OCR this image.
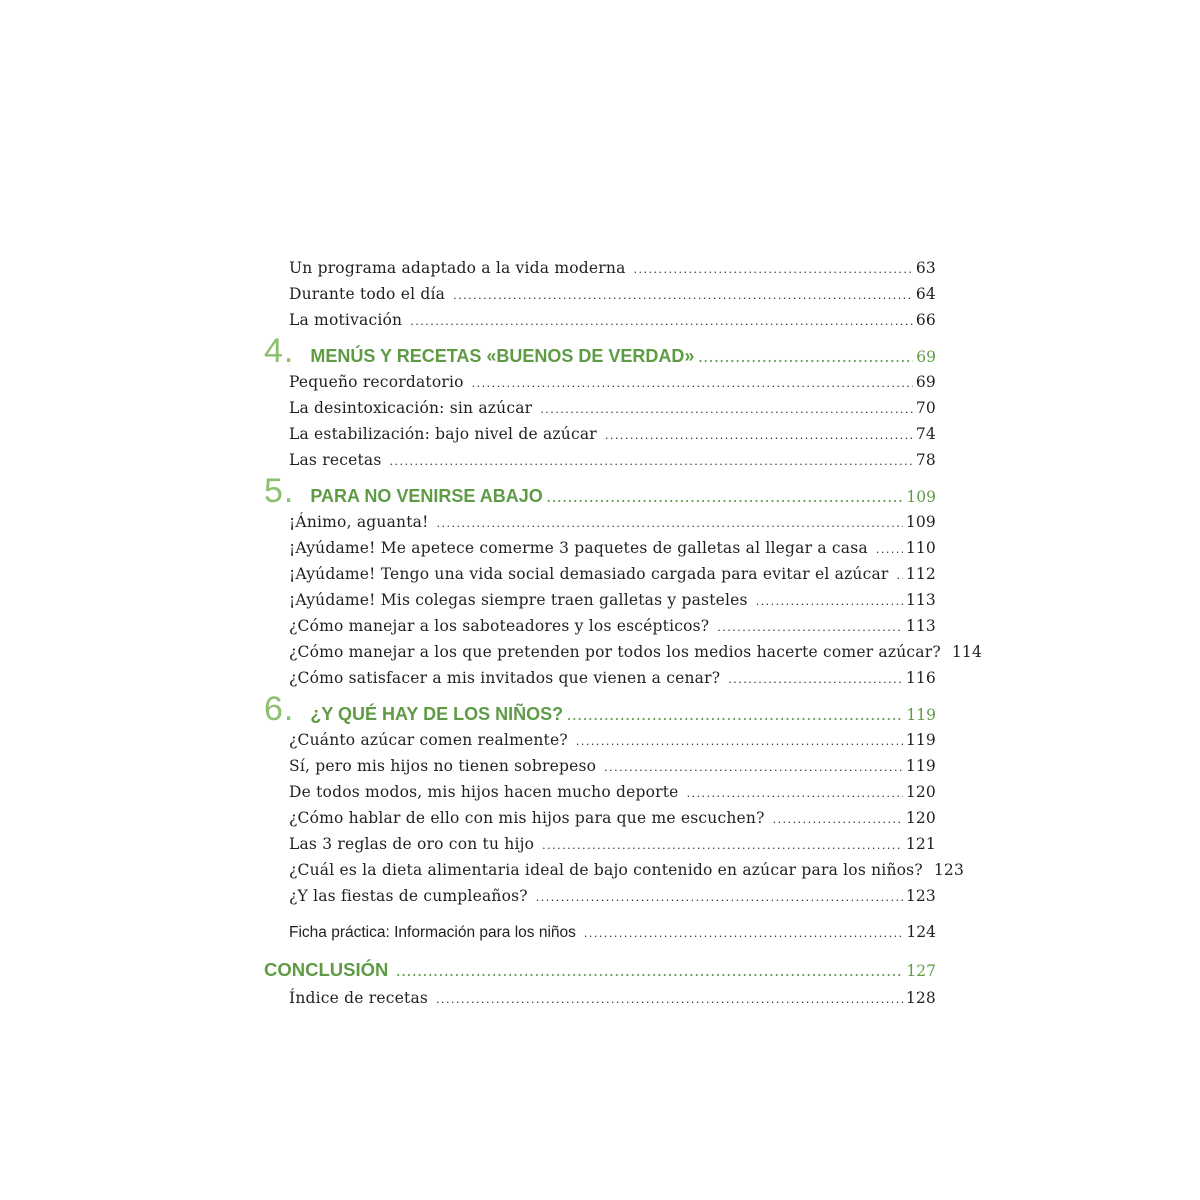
Un programa adaptado a la vida moderna .....	63
Durante todo el día .....	64
La motivación .....	66
4. MENÚS Y RECETAS «BUENOS DE VERDAD» .....	69
Pequeño recordatorio .....	69
La desintoxicación: sin azúcar .....	70
La estabilización: bajo nivel de azúcar .....	74
Las recetas .....	78
5. PARA NO VENIRSE ABAJO .....	109
¡Ánimo, aguanta! .....	109
¡Ayúdame! Me apetece comerme 3 paquetes de galletas al llegar a casa ..... 110
¡Ayúdame! Tengo una vida social demasiado cargada para evitar el azúcar ..... 112
¡Ayúdame! Mis colegas siempre traen galletas y pasteles .....	113
¿Cómo manejar a los saboteadores y los escépticos? .....	113
¿Cómo manejar a los que pretenden por todos los medios hacerte comer azúcar? 114
¿Cómo satisfacer a mis invitados que vienen a cenar? .....	116
6. ¿Y QUÉ HAY DE LOS NIÑOS? .....	119
¿Cuánto azúcar comen realmente? .....	119
Sí, pero mis hijos no tienen sobrepeso .....	119
De todos modos, mis hijos hacen mucho deporte .....	120
¿Cómo hablar de ello con mis hijos para que me escuchen? .....	120
Las 3 reglas de oro con tu hijo .....	121
¿Cuál es la dieta alimentaria ideal de bajo contenido en azúcar para los niños? 123
¿Y las fiestas de cumpleaños? .....	123
Ficha práctica: Información para los niños .....	124
CONCLUSIÓN .....	127
Índice de recetas .....	128
